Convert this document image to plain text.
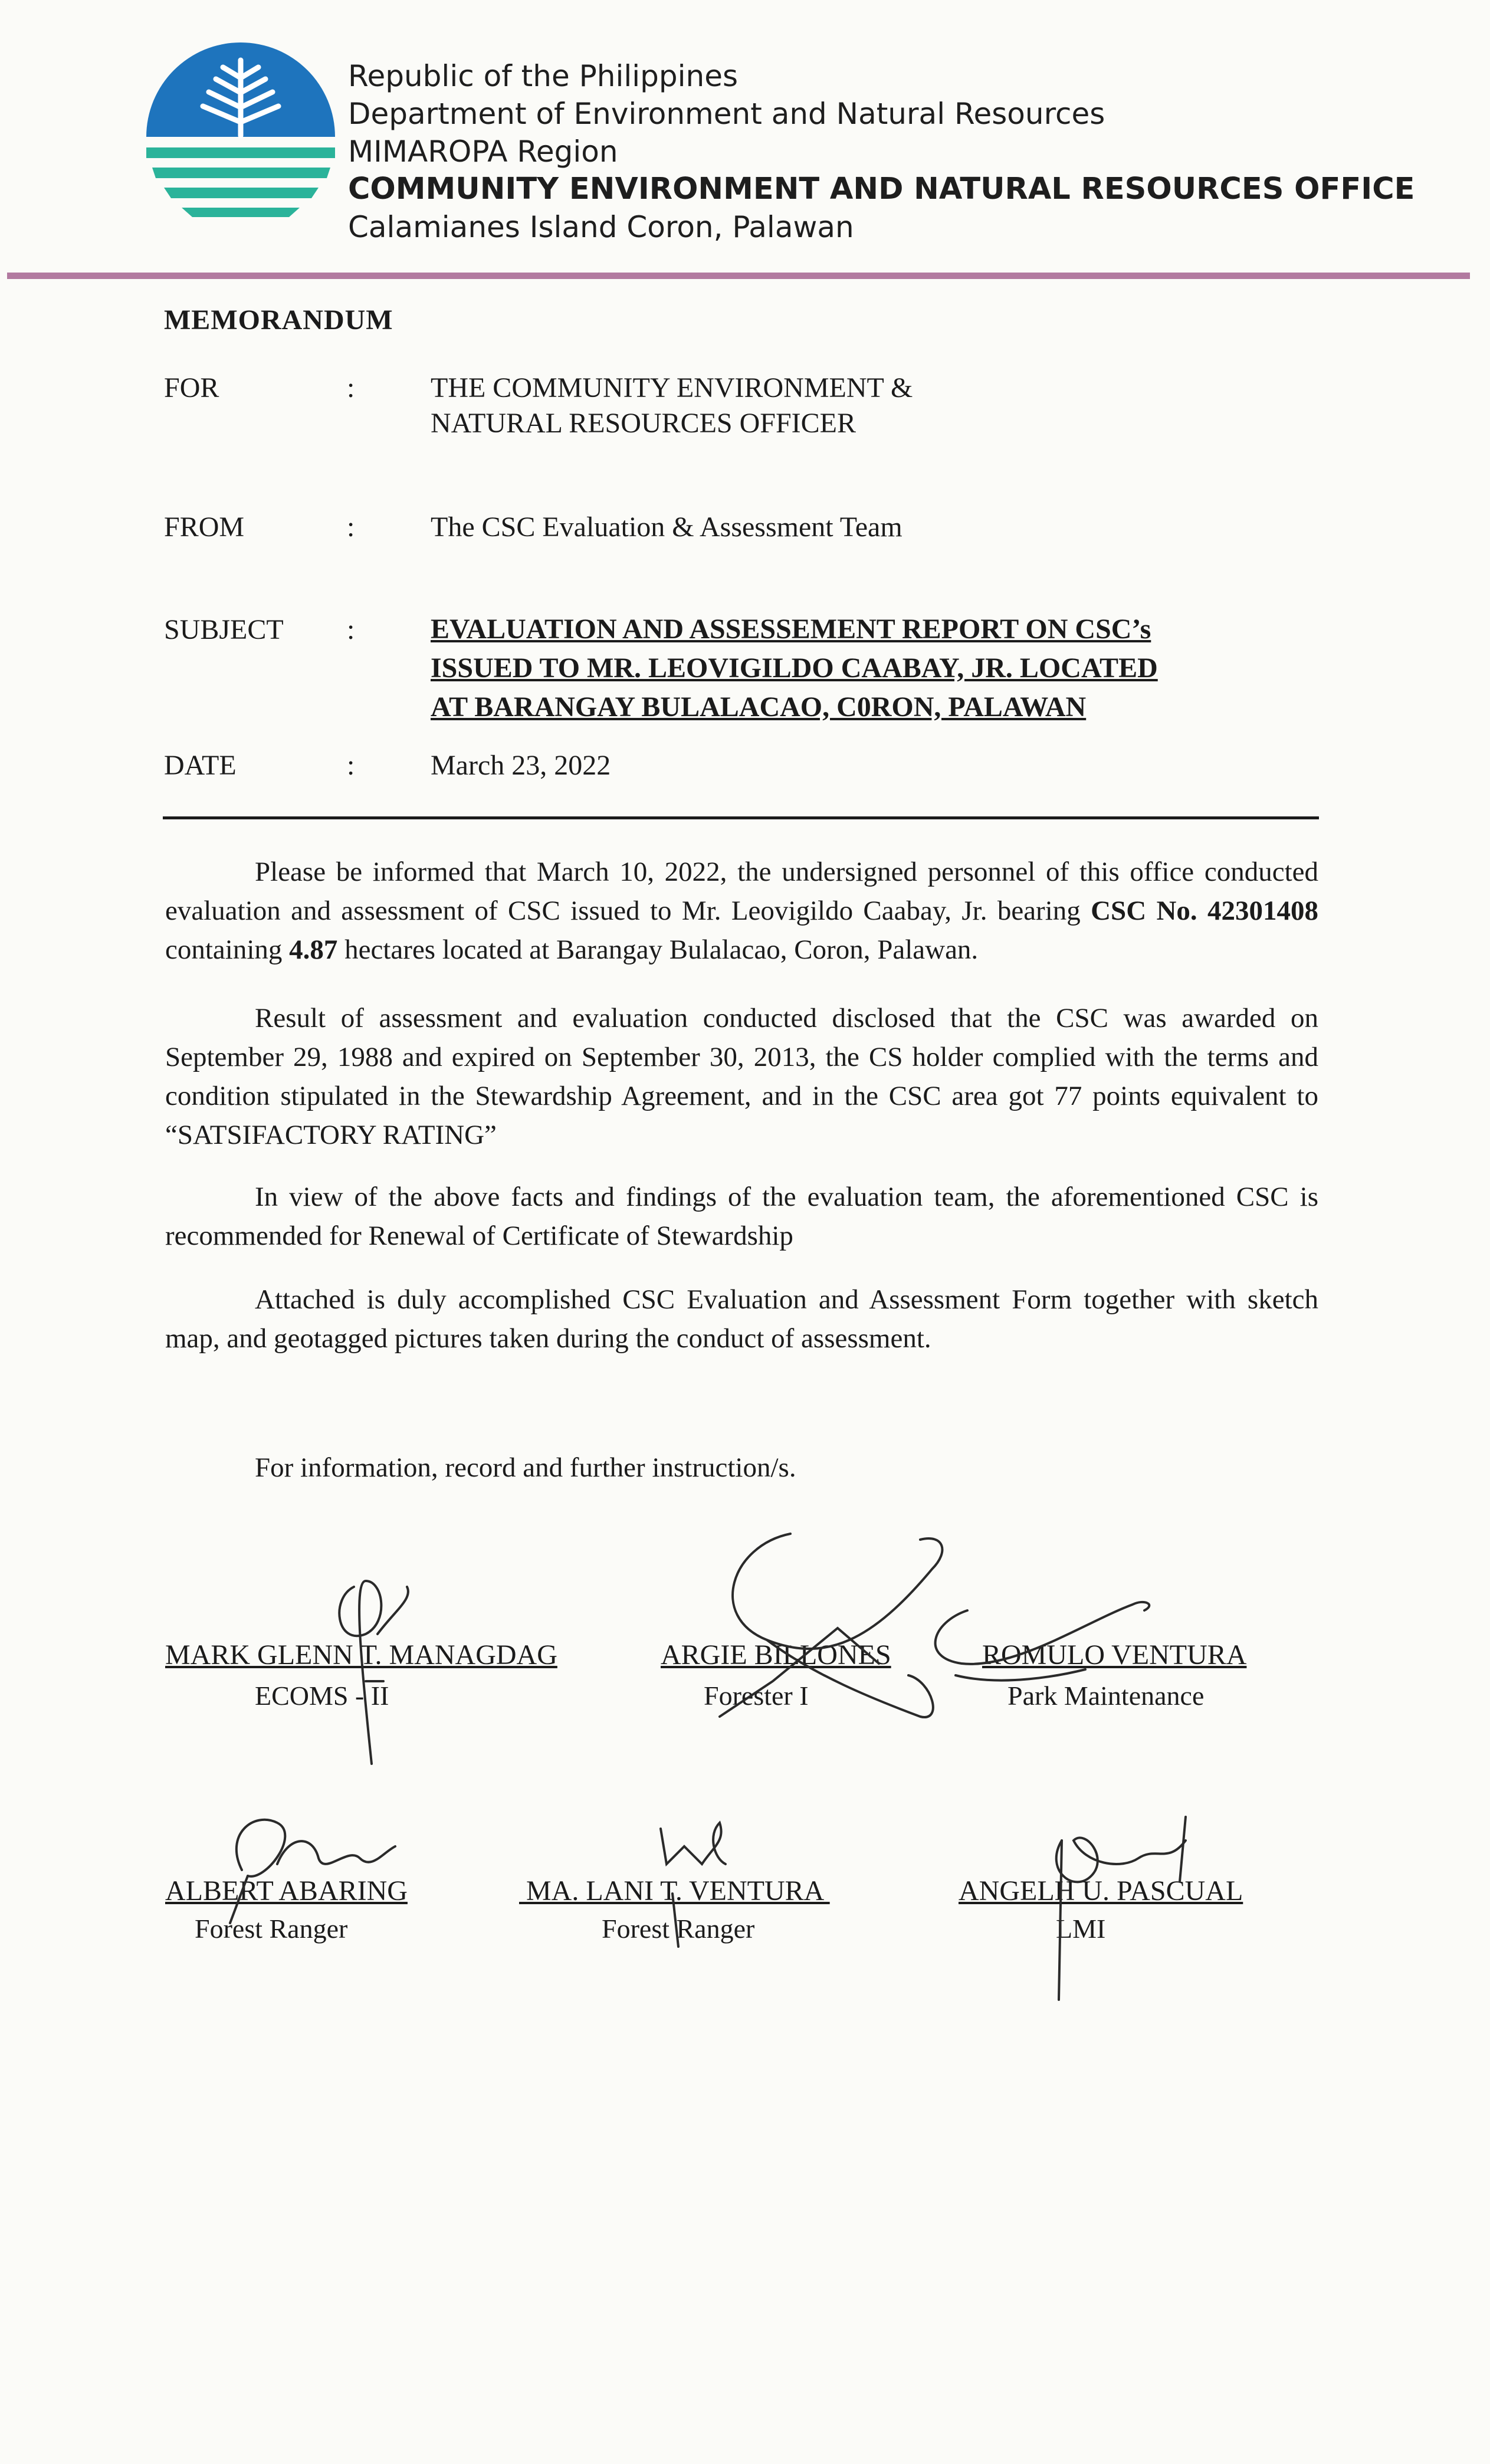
Republic of the Philippines
Department of Environment and Natural Resources
MIMAROPA Region
COMMUNITY ENVIRONMENT AND NATURAL RESOURCES OFFICE
Calamianes Island Coron, Palawan
MEMORANDUM
FOR	:	THE COMMUNITY ENVIRONMENT &
NATURAL RESOURCES OFFICER
FROM	:	The CSC Evaluation & Assessment Team
SUBJECT :	EVALUATION AND ASSESSEMENT REPORT ON CSC’s
ISSUED TO MR. LEOVIGILDO CAABAY, JR. LOCATED
AT BARANGAY BULALACAO, C0RON, PALAWAN
DATE	:	March 23, 2022
Please be informed that March 10, 2022, the undersigned personnel of this office conducted evaluation and assessment of CSC issued to Mr. Leovigildo Caabay, Jr. bearing CSC No. 42301408 containing 4.87 hectares located at Barangay Bulalacao, Coron, Palawan.
Result of assessment and evaluation conducted disclosed that the CSC was awarded on September 29, 1988 and expired on September 30, 2013, the CS holder complied with the terms and condition stipulated in the Stewardship Agreement, and in the CSC area got 77 points equivalent to “SATSIFACTORY RATING”
In view of the above facts and findings of the evaluation team, the aforementioned CSC is recommended for Renewal of Certificate of Stewardship
Attached is duly accomplished CSC Evaluation and Assessment Form together with sketch map, and geotagged pictures taken during the conduct of assessment.
For information, record and further instruction/s.
MARK GLENN T. MANAGDAG
ECOMS - II
ARGIE BILLONES
Forester I
ROMULO VENTURA
Park Maintenance
ALBERT ABARING
Forest Ranger
MA. LANI T. VENTURA
Forest Ranger
ANGELH U. PASCUAL
LMI
